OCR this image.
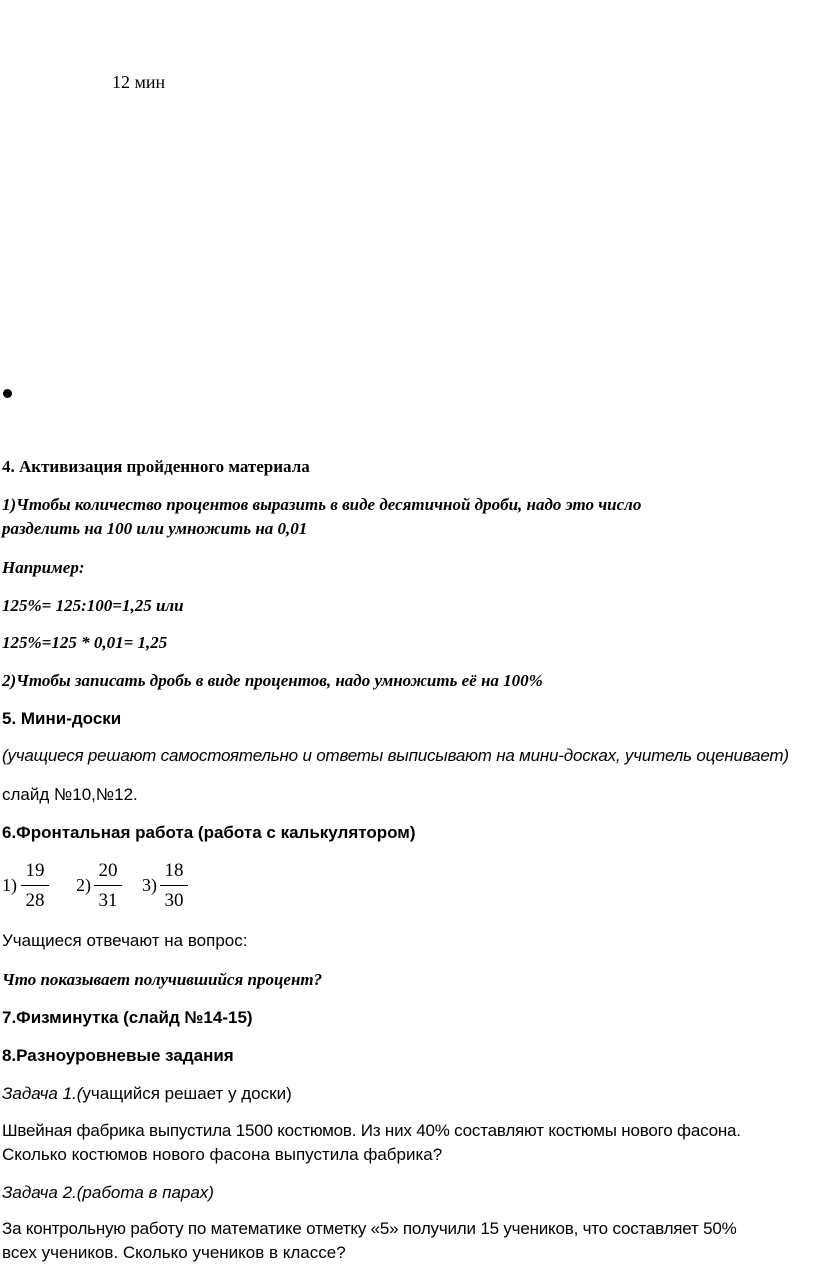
12 мин
4. Активизация пройденного материала
1)Чтобы количество процентов выразить в виде десятичной дроби, надо это число
разделить на 100 или умножить на 0,01
Например:
125%= 125:100=1,25 или
125%=125 * 0,01= 1,25
2)Чтобы записать дробь в виде процентов, надо умножить её на 100%
5. Мини-доски
(учащиеся решают самостоятельно и ответы выписывают на мини-досках, учитель оценивает)
слайд №10,№12.
6.Фронтальная работа (работа с калькулятором)
1)
19
28
2)
20
31
3)
18
30
Учащиеся отвечают на вопрос:
Что показывает получившийся процент?
7.Физминутка (слайд №14-15)
8.Разноуровневые задания
Задача 1.(учащийся решает у доски)
Швейная фабрика выпустила 1500 костюмов. Из них 40% составляют костюмы нового фасона.
Сколько костюмов нового фасона выпустила фабрика?
Задача 2.(работа в парах)
За контрольную работу по математике отметку «5» получили 15 учеников, что составляет 50%
всех учеников. Сколько учеников в классе?
